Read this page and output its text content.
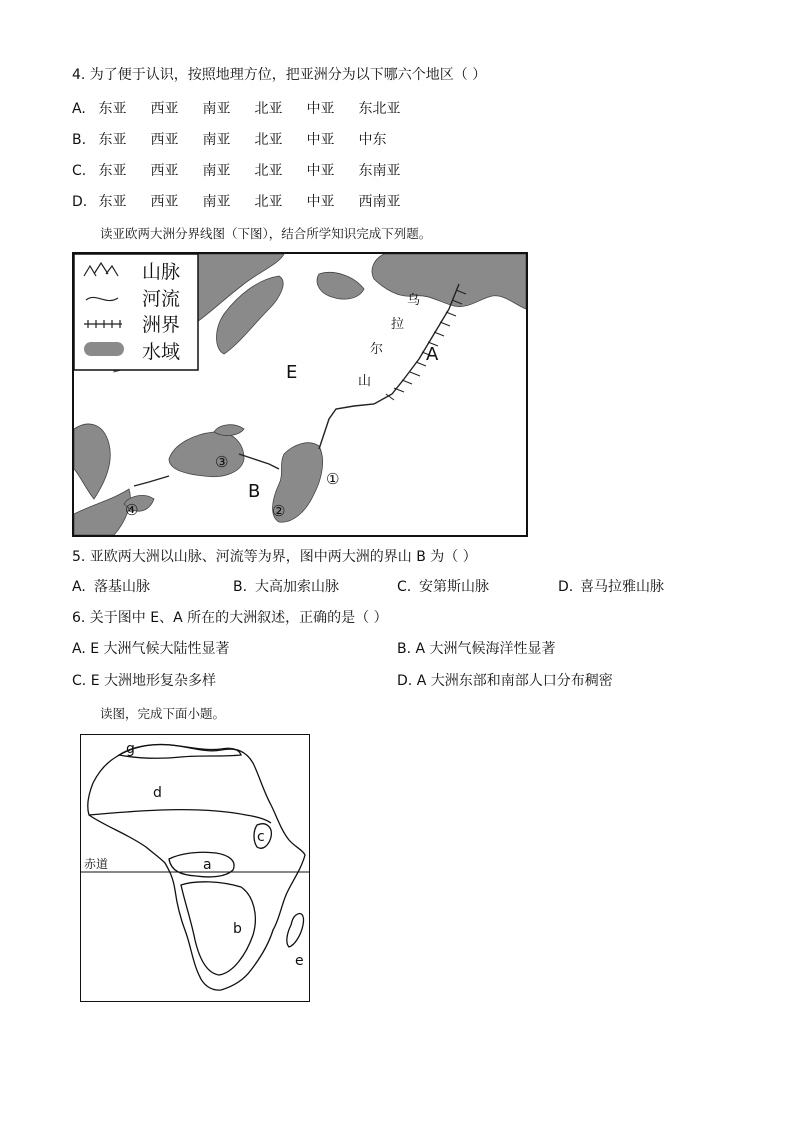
4. 为了便于认识，按照地理方位，把亚洲分为以下哪六个地区（ ）
A. 东亚 西亚 南亚 北亚 中亚 东北亚
B. 东亚 西亚 南亚 北亚 中亚 中东
C. 东亚 西亚 南亚 北亚 中亚 东南亚
D. 东亚 西亚 南亚 北亚 中亚 西南亚
读亚欧两大洲分界线图（下图），结合所学知识完成下列题。
E
A
B
乌
拉
尔
山
①
②
③
④
山脉
河流
洲界
水域
5. 亚欧两大洲以山脉、河流等为界，图中两大洲的界山 B 为（ ）
A. 落基山脉	B. 大高加索山脉	C. 安第斯山脉	D. 喜马拉雅山脉
6. 关于图中 E、A 所在的大洲叙述，正确的是（ ）
A. E 大洲气候大陆性显著	B. A 大洲气候海洋性显著
C. E 大洲地形复杂多样	D. A 大洲东部和南部人口分布稠密
读图，完成下面小题。
g
d
c
a
b
e
赤道
